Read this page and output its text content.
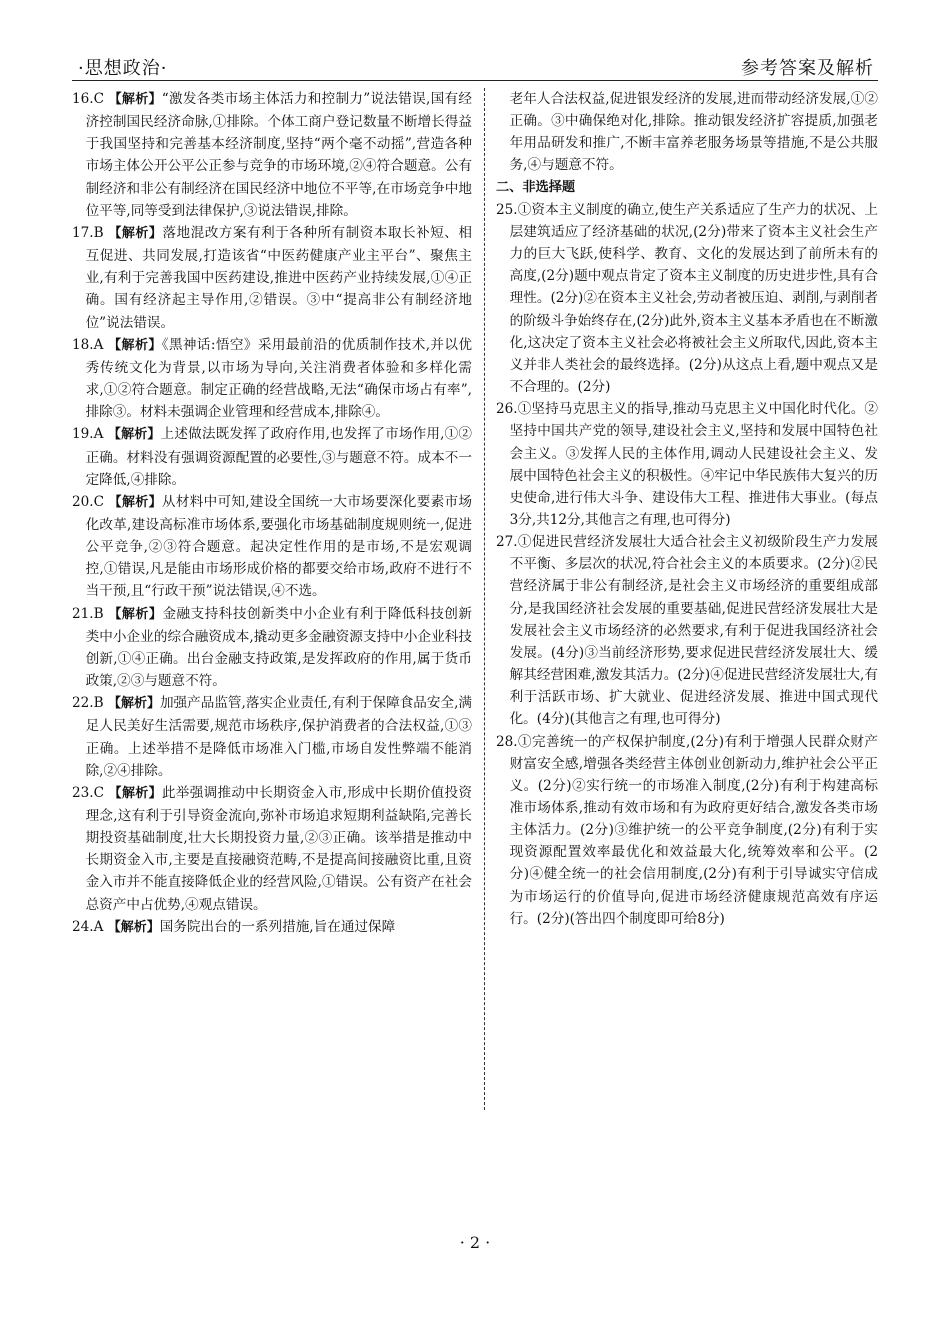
·思想政治·	参考答案及解析
16.C 【解析】“激发各类市场主体活力和控制力”说法错误,国有经济控制国民经济命脉,①排除。个体工商户登记数量不断增长得益于我国坚持和完善基本经济制度,坚持“两个毫不动摇”,营造各种市场主体公开公平公正参与竞争的市场环境,②④符合题意。公有制经济和非公有制经济在国民经济中地位不平等,在市场竞争中地位平等,同等受到法律保护,③说法错误,排除。
17.B 【解析】落地混改方案有利于各种所有制资本取长补短、相互促进、共同发展,打造该省“中医药健康产业主平台”、聚焦主业,有利于完善我国中医药建设,推进中医药产业持续发展,①④正确。国有经济起主导作用,②错误。③中“提高非公有制经济地位”说法错误。
18.A 【解析】《黑神话:悟空》采用最前沿的优质制作技术,并以优秀传统文化为背景,以市场为导向,关注消费者体验和多样化需求,①②符合题意。制定正确的经营战略,无法“确保市场占有率”,排除③。材料未强调企业管理和经营成本,排除④。
19.A 【解析】上述做法既发挥了政府作用,也发挥了市场作用,①②正确。材料没有强调资源配置的必要性,③与题意不符。成本不一定降低,④排除。
20.C 【解析】从材料中可知,建设全国统一大市场要深化要素市场化改革,建设高标准市场体系,要强化市场基础制度规则统一,促进公平竞争,②③符合题意。起决定性作用的是市场,不是宏观调控,①错误,凡是能由市场形成价格的都要交给市场,政府不进行不当干预,且“行政干预”说法错误,④不选。
21.B 【解析】金融支持科技创新类中小企业有利于降低科技创新类中小企业的综合融资成本,撬动更多金融资源支持中小企业科技创新,①④正确。出台金融支持政策,是发挥政府的作用,属于货币政策,②③与题意不符。
22.B 【解析】加强产品监管,落实企业责任,有利于保障食品安全,满足人民美好生活需要,规范市场秩序,保护消费者的合法权益,①③正确。上述举措不是降低市场准入门槛,市场自发性弊端不能消除,②④排除。
23.C 【解析】此举强调推动中长期资金入市,形成中长期价值投资理念,这有利于引导资金流向,弥补市场追求短期利益缺陷,完善长期投资基础制度,壮大长期投资力量,②③正确。该举措是推动中长期资金入市,主要是直接融资范畴,不是提高间接融资比重,且资金入市并不能直接降低企业的经营风险,①错误。公有资产在社会总资产中占优势,④观点错误。
24.A 【解析】国务院出台的一系列措施,旨在通过保障
老年人合法权益,促进银发经济的发展,进而带动经济发展,①②正确。③中确保绝对化,排除。推动银发经济扩容提质,加强老年用品研发和推广,不断丰富养老服务场景等措施,不是公共服务,④与题意不符。
二、非选择题
25.①资本主义制度的确立,使生产关系适应了生产力的状况、上层建筑适应了经济基础的状况,(2分)带来了资本主义社会生产力的巨大飞跃,使科学、教育、文化的发展达到了前所未有的高度,(2分)题中观点肯定了资本主义制度的历史进步性,具有合理性。(2分)②在资本主义社会,劳动者被压迫、剥削,与剥削者的阶级斗争始终存在,(2分)此外,资本主义基本矛盾也在不断激化,这决定了资本主义社会必将被社会主义所取代,因此,资本主义并非人类社会的最终选择。(2分)从这点上看,题中观点又是不合理的。(2分)
26.①坚持马克思主义的指导,推动马克思主义中国化时代化。②坚持中国共产党的领导,建设社会主义,坚持和发展中国特色社会主义。③发挥人民的主体作用,调动人民建设社会主义、发展中国特色社会主义的积极性。④牢记中华民族伟大复兴的历史使命,进行伟大斗争、建设伟大工程、推进伟大事业。(每点3分,共12分,其他言之有理,也可得分)
27.①促进民营经济发展壮大适合社会主义初级阶段生产力发展不平衡、多层次的状况,符合社会主义的本质要求。(2分)②民营经济属于非公有制经济,是社会主义市场经济的重要组成部分,是我国经济社会发展的重要基础,促进民营经济发展壮大是发展社会主义市场经济的必然要求,有利于促进我国经济社会发展。(4分)③当前经济形势,要求促进民营经济发展壮大、缓解其经营困难,激发其活力。(2分)④促进民营经济发展壮大,有利于活跃市场、扩大就业、促进经济发展、推进中国式现代化。(4分)(其他言之有理,也可得分)
28.①完善统一的产权保护制度,(2分)有利于增强人民群众财产财富安全感,增强各类经营主体创业创新动力,维护社会公平正义。(2分)②实行统一的市场准入制度,(2分)有利于构建高标准市场体系,推动有效市场和有为政府更好结合,激发各类市场主体活力。(2分)③维护统一的公平竞争制度,(2分)有利于实现资源配置效率最优化和效益最大化,统筹效率和公平。(2分)④健全统一的社会信用制度,(2分)有利于引导诚实守信成为市场运行的价值导向,促进市场经济健康规范高效有序运行。(2分)(答出四个制度即可给8分)
· 2 ·
